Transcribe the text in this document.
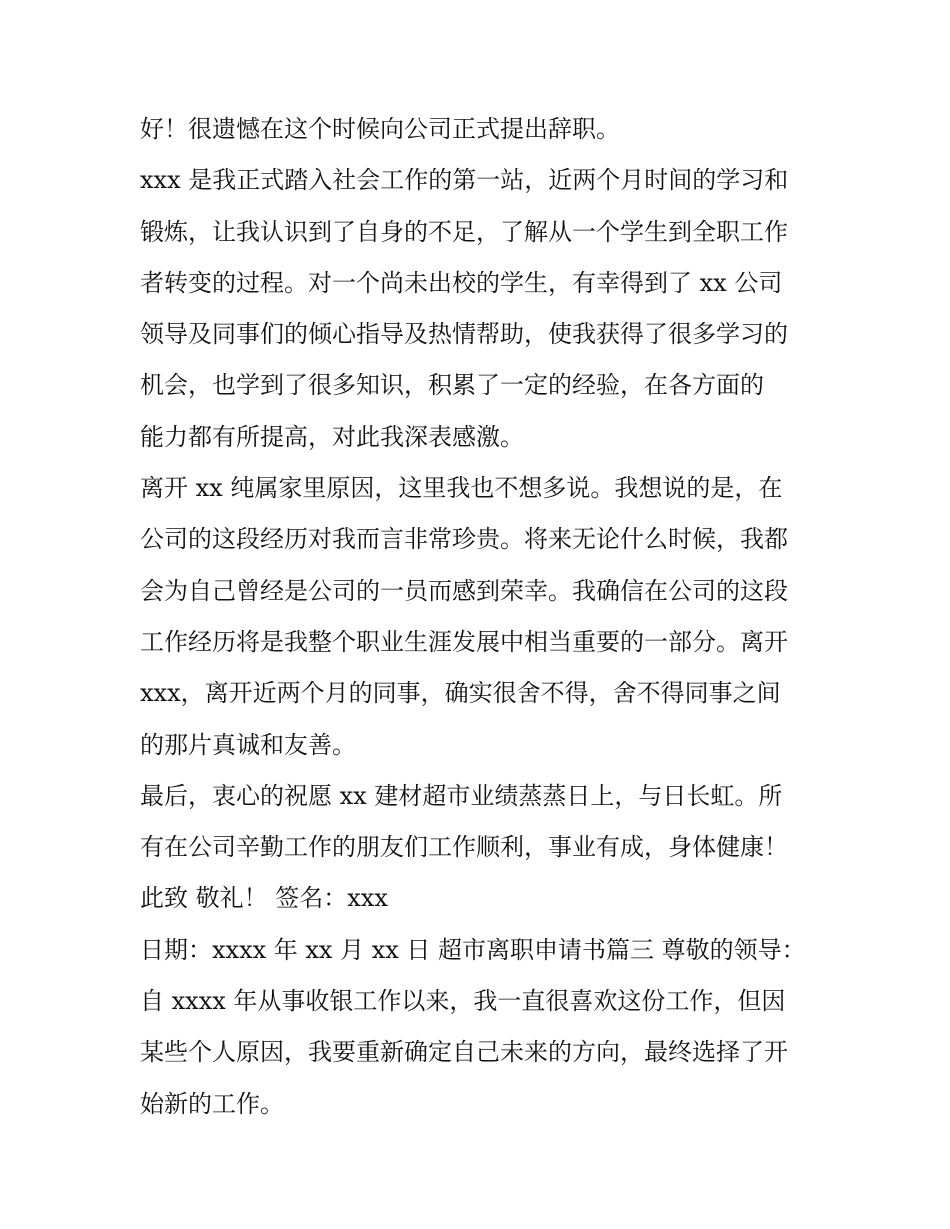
好！很遗憾在这个时候向公司正式提出辞职。
xxx 是我正式踏入社会工作的第一站，近两个月时间的学习和
锻炼，让我认识到了自身的不足，了解从一个学生到全职工作
者转变的过程。对一个尚未出校的学生，有幸得到了 xx 公司
领导及同事们的倾心指导及热情帮助，使我获得了很多学习的
机会，也学到了很多知识，积累了一定的经验，在各方面的
能力都有所提高，对此我深表感激。
离开 xx 纯属家里原因，这里我也不想多说。我想说的是，在
公司的这段经历对我而言非常珍贵。将来无论什么时候，我都
会为自己曾经是公司的一员而感到荣幸。我确信在公司的这段
工作经历将是我整个职业生涯发展中相当重要的一部分。离开
xxx，离开近两个月的同事，确实很舍不得，舍不得同事之间
的那片真诚和友善。
最后，衷心的祝愿 xx 建材超市业绩蒸蒸日上，与日长虹。所
有在公司辛勤工作的朋友们工作顺利，事业有成，身体健康！
此致 敬礼！ 签名：xxx
日期：xxxx 年 xx 月 xx 日 超市离职申请书篇三 尊敬的领导：
自 xxxx 年从事收银工作以来，我一直很喜欢这份工作，但因
某些个人原因，我要重新确定自己未来的方向，最终选择了开
始新的工作。
